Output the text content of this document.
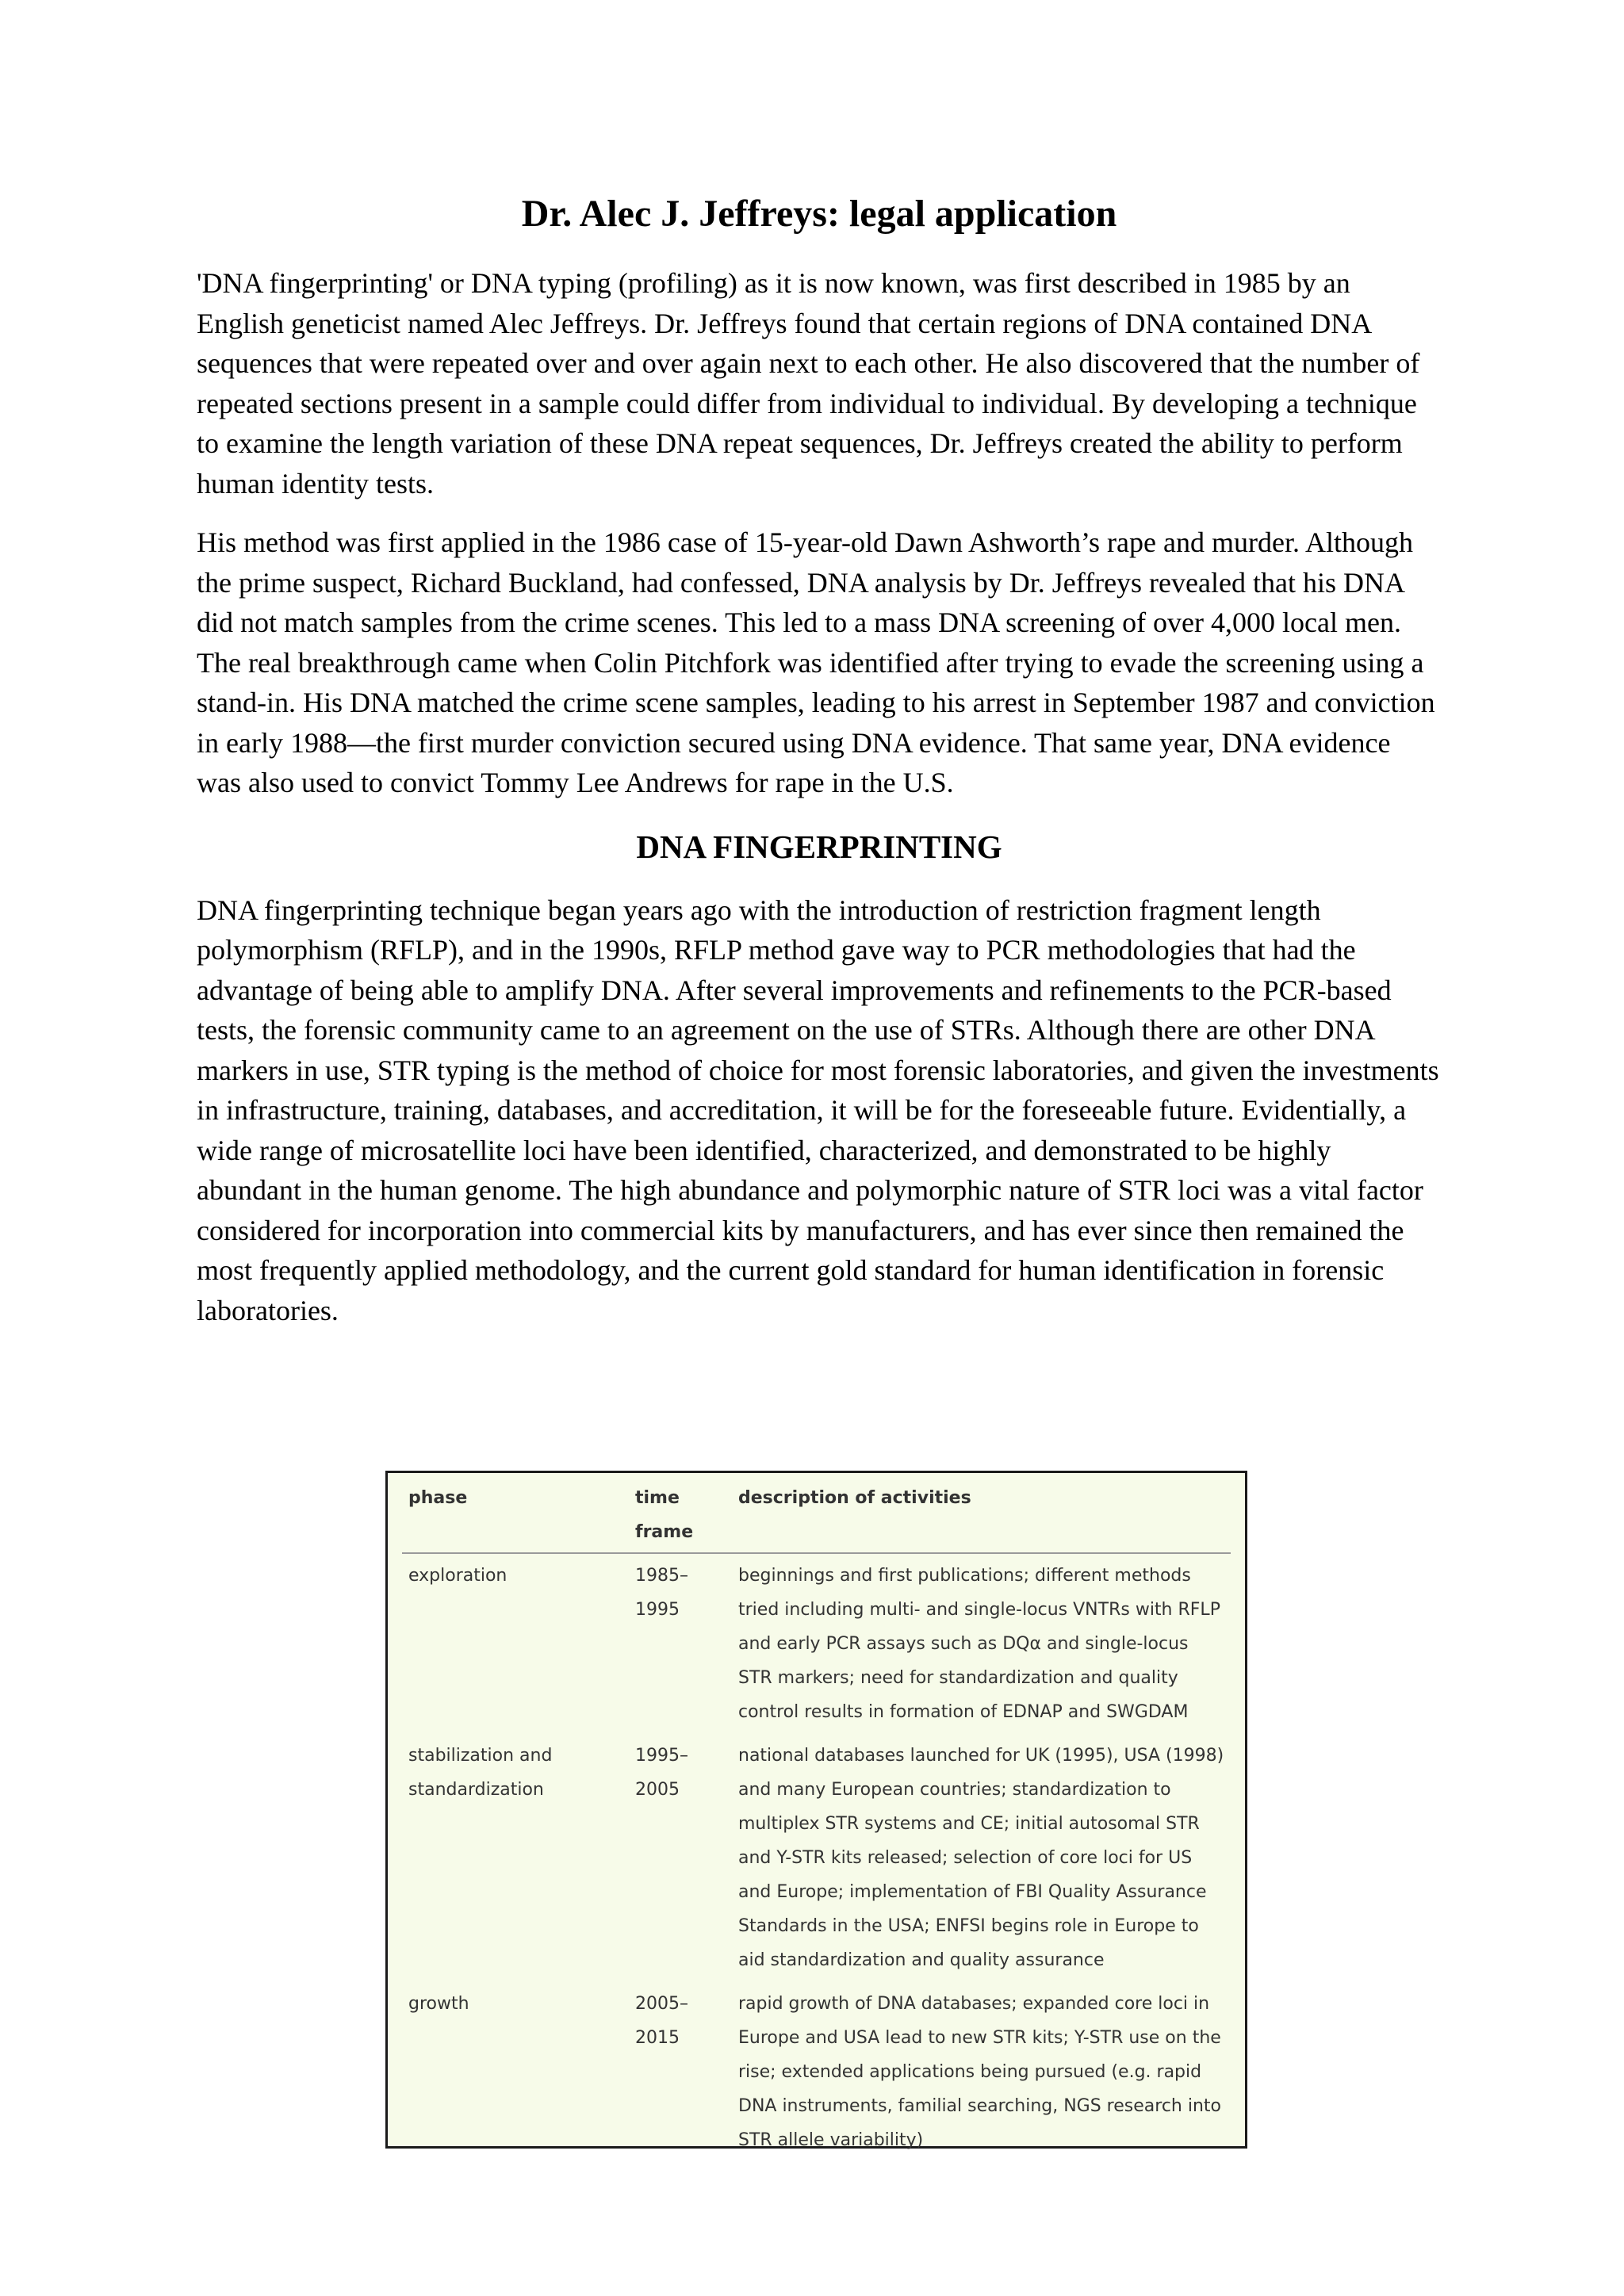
Dr. Alec J. Jeffreys: legal application

'DNA fingerprinting' or DNA typing (profiling) as it is now known, was first described in 1985 by an English geneticist named Alec Jeffreys. Dr. Jeffreys found that certain regions of DNA contained DNA sequences that were repeated over and over again next to each other. He also discovered that the number of repeated sections present in a sample could differ from individual to individual. By developing a technique to examine the length variation of these DNA repeat sequences, Dr. Jeffreys created the ability to perform human identity tests.

His method was first applied in the 1986 case of 15-year-old Dawn Ashworth’s rape and murder. Although the prime suspect, Richard Buckland, had confessed, DNA analysis by Dr. Jeffreys revealed that his DNA did not match samples from the crime scenes. This led to a mass DNA screening of over 4,000 local men. The real breakthrough came when Colin Pitchfork was identified after trying to evade the screening using a stand-in. His DNA matched the crime scene samples, leading to his arrest in September 1987 and conviction in early 1988—the first murder conviction secured using DNA evidence. That same year, DNA evidence was also used to convict Tommy Lee Andrews for rape in the U.S.

DNA FINGERPRINTING

DNA fingerprinting technique began years ago with the introduction of restriction fragment length polymorphism (RFLP), and in the 1990s, RFLP method gave way to PCR methodologies that had the advantage of being able to amplify DNA. After several improvements and refinements to the PCR-based tests, the forensic community came to an agreement on the use of STRs. Although there are other DNA markers in use, STR typing is the method of choice for most forensic laboratories, and given the investments in infrastructure, training, databases, and accreditation, it will be for the foreseeable future. Evidentially, a wide range of microsatellite loci have been identified, characterized, and demonstrated to be highly abundant in the human genome. The high abundance and polymorphic nature of STR loci was a vital factor considered for incorporation into commercial kits by manufacturers, and has ever since then remained the most frequently applied methodology, and the current gold standard for human identification in forensic laboratories.

phase	time frame	description of activities
exploration	1985–1995	beginnings and first publications; different methods tried including multi- and single-locus VNTRs with RFLP and early PCR assays such as DQα and single-locus STR markers; need for standardization and quality control results in formation of EDNAP and SWGDAM
stabilization and standardization	1995–2005	national databases launched for UK (1995), USA (1998) and many European countries; standardization to multiplex STR systems and CE; initial autosomal STR and Y-STR kits released; selection of core loci for US and Europe; implementation of FBI Quality Assurance Standards in the USA; ENFSI begins role in Europe to aid standardization and quality assurance
growth	2005–2015	rapid growth of DNA databases; expanded core loci in Europe and USA lead to new STR kits; Y-STR use on the rise; extended applications being pursued (e.g. rapid DNA instruments, familial searching, NGS research into STR allele variability)
